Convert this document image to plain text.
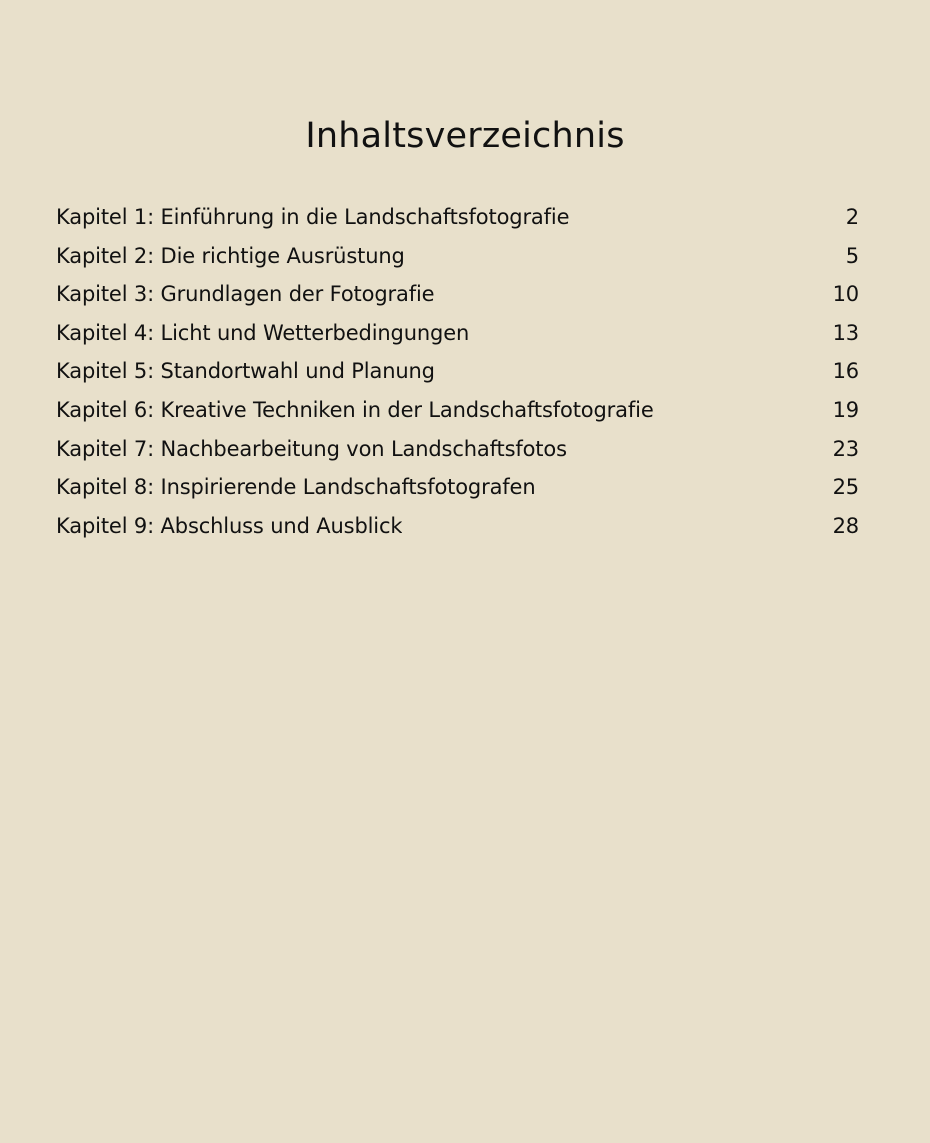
Inhaltsverzeichnis
Kapitel 1: Einführung in die Landschaftsfotografie	2
Kapitel 2: Die richtige Ausrüstung	5
Kapitel 3: Grundlagen der Fotografie	10
Kapitel 4: Licht und Wetterbedingungen	13
Kapitel 5: Standortwahl und Planung	16
Kapitel 6: Kreative Techniken in der Landschaftsfotografie	19
Kapitel 7: Nachbearbeitung von Landschaftsfotos	23
Kapitel 8: Inspirierende Landschaftsfotografen	25
Kapitel 9: Abschluss und Ausblick	28
